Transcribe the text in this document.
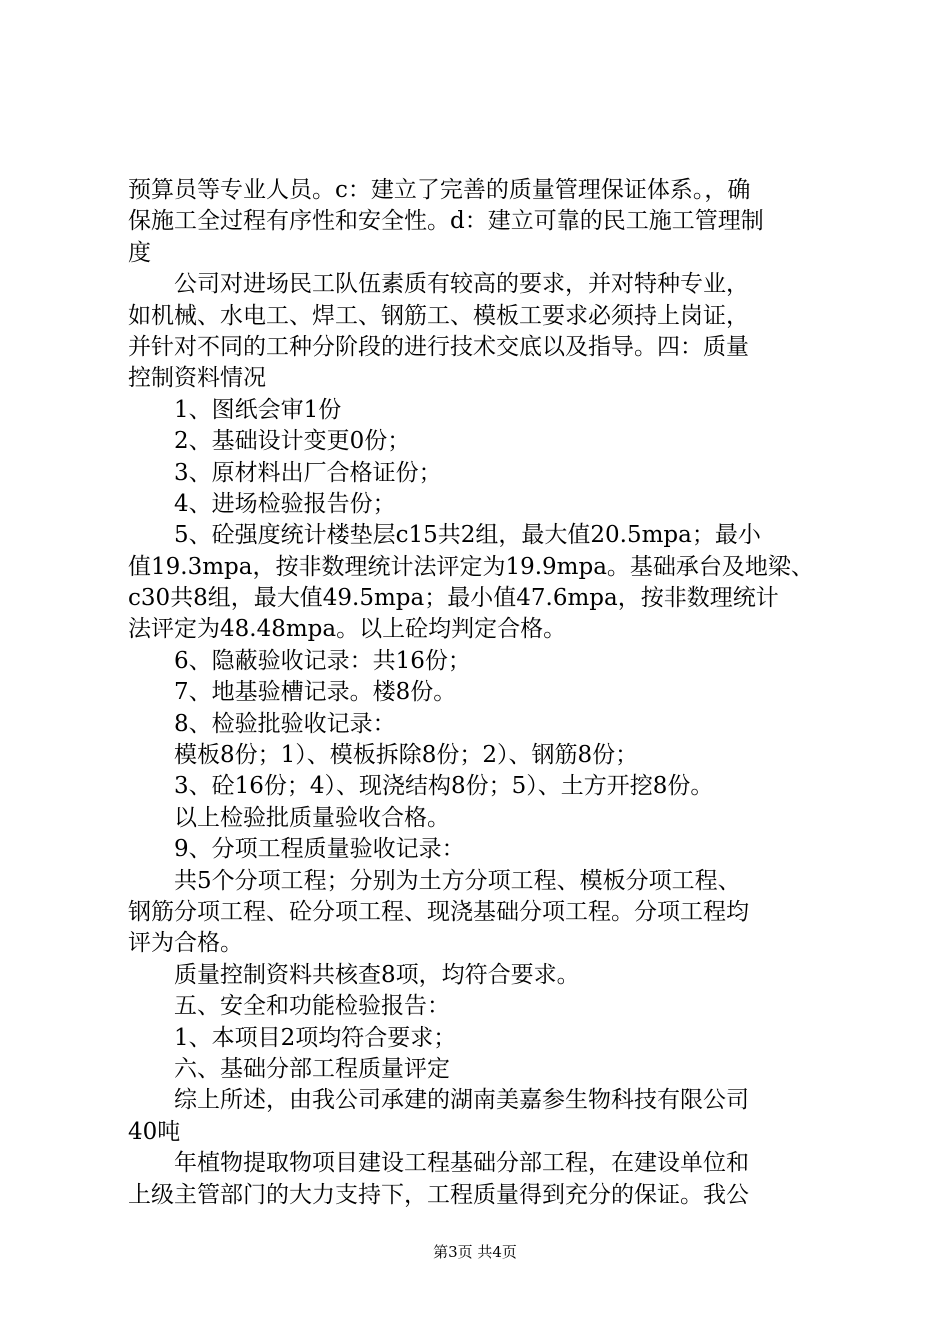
预算员等专业人员。c：建立了完善的质量管理保证体系。，确
保施工全过程有序性和安全性。d：建立可靠的民工施工管理制
度
　　公司对进场民工队伍素质有较高的要求，并对特种专业，
如机械、水电工、焊工、钢筋工、模板工要求必须持上岗证，
并针对不同的工种分阶段的进行技术交底以及指导。四：质量
控制资料情况
　　1、图纸会审1份
　　2、基础设计变更0份；
　　3、原材料出厂合格证份；
　　4、进场检验报告份；
　　5、砼强度统计楼垫层c15共2组，最大值20.5mpa；最小
值19.3mpa，按非数理统计法评定为19.9mpa。基础承台及地梁、
c30共8组，最大值49.5mpa；最小值47.6mpa，按非数理统计
法评定为48.48mpa。以上砼均判定合格。
　　6、隐蔽验收记录：共16份；
　　7、地基验槽记录。楼8份。
　　8、检验批验收记录：
　　模板8份；1）、模板拆除8份；2）、钢筋8份；
　　3、砼16份；4）、现浇结构8份；5）、土方开挖8份。
　　以上检验批质量验收合格。
　　9、分项工程质量验收记录：
　　共5个分项工程；分别为土方分项工程、模板分项工程、
钢筋分项工程、砼分项工程、现浇基础分项工程。分项工程均
评为合格。
　　质量控制资料共核查8项，均符合要求。
　　五、安全和功能检验报告：
　　1、本项目2项均符合要求；
　　六、基础分部工程质量评定
　　综上所述，由我公司承建的湖南美嘉参生物科技有限公司
40吨
　　年植物提取物项目建设工程基础分部工程，在建设单位和
上级主管部门的大力支持下，工程质量得到充分的保证。我公
第3页 共4页
